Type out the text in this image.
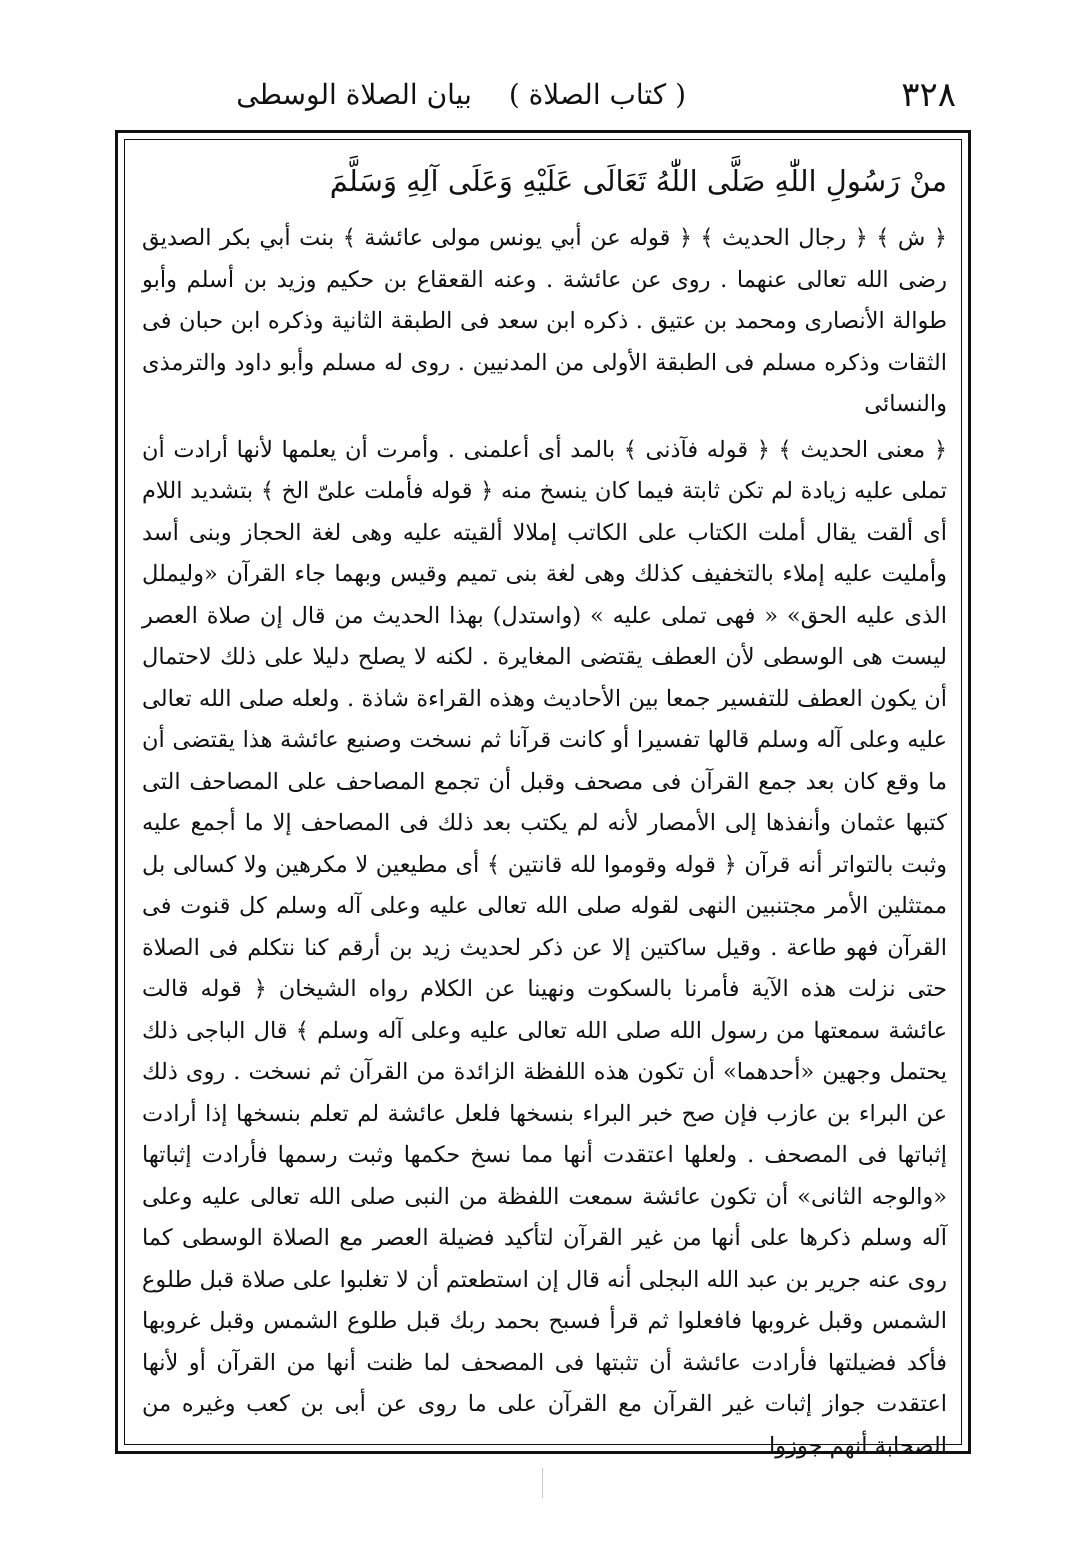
٣٢٨
( كتاب الصلاة ) بيان الصلاة الوسطى

منْ رَسُولِ اللّٰهِ صَلَّى اللّٰهُ تَعَالَى عَلَيْهِ وَعَلَى آلِهِ وَسَلَّمَ

﴿ ش ﴾ ﴿ رجال الحديث ﴾ ﴿ قوله عن أبي يونس مولى عائشة ﴾ بنت أبي بكر الصديق رضى الله تعالى عنهما . روى عن عائشة . وعنه القعقاع بن حكيم وزيد بن أسلم وأبو طوالة الأنصارى ومحمد بن عتيق . ذكره ابن سعد فى الطبقة الثانية وذكره ابن حبان فى الثقات وذكره مسلم فى الطبقة الأولى من المدنيين . روى له مسلم وأبو داود والترمذى والنسائى

﴿ معنى الحديث ﴾ ﴿ قوله فآذنى ﴾ بالمد أى أعلمنى . وأمرت أن يعلمها لأنها أرادت أن تملى عليه زيادة لم تكن ثابتة فيما كان ينسخ منه ﴿ قوله فأملت علىّ الخ ﴾ بتشديد اللام أى ألقت يقال أملت الكتاب على الكاتب إملالا ألقيته عليه وهى لغة الحجاز وبنى أسد وأمليت عليه إملاء بالتخفيف كذلك وهى لغة بنى تميم وقيس وبهما جاء القرآن «وليملل الذى عليه الحق» « فهى تملى عليه » (واستدل) بهذا الحديث من قال إن صلاة العصر ليست هى الوسطى لأن العطف يقتضى المغايرة . لكنه لا يصلح دليلا على ذلك لاحتمال أن يكون العطف للتفسير جمعا بين الأحاديث وهذه القراءة شاذة . ولعله صلى الله تعالى عليه وعلى آله وسلم قالها تفسيرا أو كانت قرآنا ثم نسخت وصنيع عائشة هذا يقتضى أن ما وقع كان بعد جمع القرآن فى مصحف وقبل أن تجمع المصاحف على المصاحف التى كتبها عثمان وأنفذها إلى الأمصار لأنه لم يكتب بعد ذلك فى المصاحف إلا ما أجمع عليه وثبت بالتواتر أنه قرآن ﴿ قوله وقوموا لله قانتين ﴾ أى مطيعين لا مكرهين ولا كسالى بل ممتثلين الأمر مجتنبين النهى لقوله صلى الله تعالى عليه وعلى آله وسلم كل قنوت فى القرآن فهو طاعة . وقيل ساكتين إلا عن ذكر لحديث زيد بن أرقم كنا نتكلم فى الصلاة حتى نزلت هذه الآية فأمرنا بالسكوت ونهينا عن الكلام رواه الشيخان ﴿ قوله قالت عائشة سمعتها من رسول الله صلى الله تعالى عليه وعلى آله وسلم ﴾ قال الباجى ذلك يحتمل وجهين «أحدهما» أن تكون هذه اللفظة الزائدة من القرآن ثم نسخت . روى ذلك عن البراء بن عازب فإن صح خبر البراء بنسخها فلعل عائشة لم تعلم بنسخها إذا أرادت إثباتها فى المصحف . ولعلها اعتقدت أنها مما نسخ حكمها وثبت رسمها فأرادت إثباتها «والوجه الثانى» أن تكون عائشة سمعت اللفظة من النبى صلى الله تعالى عليه وعلى آله وسلم ذكرها على أنها من غير القرآن لتأكيد فضيلة العصر مع الصلاة الوسطى كما روى عنه جرير بن عبد الله البجلى أنه قال إن استطعتم أن لا تغلبوا على صلاة قبل طلوع الشمس وقبل غروبها فافعلوا ثم قرأ فسبح بحمد ربك قبل طلوع الشمس وقبل غروبها فأكد فضيلتها فأرادت عائشة أن تثبتها فى المصحف لما ظنت أنها من القرآن أو لأنها اعتقدت جواز إثبات غير القرآن مع القرآن على ما روى عن أبى بن كعب وغيره من الصحابة أنهم جوزوا
